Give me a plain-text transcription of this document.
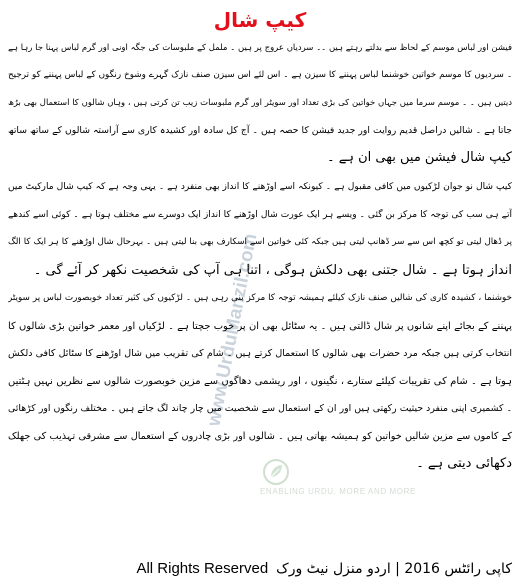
کیپ شال
www.UrduManzil.com
ENABLING URDU, MORE AND MORE
فیشن اور لباس موسم کے لحاظ سے بدلتے رہتے ہیں ۔۔ سردیاں عروج پر ہیں ۔ ململ کے ملبوسات کی جگہ اونی اور گرم لباس پہنا جا رہا ہے
۔ سردیوں کا موسم خواتین خوشنما لباس پہننے کا سیزن ہے ۔ اس لئے اس سیزن صنف نازک گہرے وشوخ رنگوں کے لباس پہننے کو ترجیح
دیتیں ہیں ۔ ۔ موسم سرما میں جہاں خواتین کی بڑی تعداد اور سویٹر اور گرم ملبوسات زیب تن کرتی ہیں ، وہاں شالوں کا استعمال بھی بڑھ
جاتا ہے ۔ شالیں دراصل قدیم روایت اور جدید فیشن کا حصہ ہیں ۔ آج کل سادہ اور کشیدہ کاری سے آراستہ شالوں کے ساتھ ساتھ
کیپ شال فیشن میں بھی ان ہے ۔
کیپ شال نو جوان لڑکیوں میں کافی مقبول ہے ۔ کیونکہ اسے اوڑھنے کا انداز بھی منفرد ہے ۔ یہی وجہ ہے کہ کیپ شال مارکیٹ میں
آتے ہی سب کی توجہ کا مرکز بن گئی ۔ ویسے ہر ایک عورت شال اوڑھنے کا انداز ایک دوسرے سے مختلف ہوتا ہے ۔ کوئی اسے کندھے
پر ڈھال لیتی تو کچھ اس سے سر ڈھانپ لیتی ہیں جبکہ کئی خواتین اسے اسکارف بھی بنا لیتی ہیں ۔ بہرحال شال اوڑھنے کا ہر ایک کا الگ
انداز ہوتا ہے ۔ شال جتنی بھی دلکش ہوگی ، اتنا ہی آپ کی شخصیت نکھر کر آئے گی ۔
خوشنما ، کشیدہ کاری کی شالیں صنف نازک کیلئے ہمیشہ توجہ کا مرکز بنی رہی ہیں ۔ لڑکیوں کی کثیر تعداد خوبصورت لباس پر سویٹر
پہننے کے بجائے اپنے شانوں پر شال ڈالتی ہیں ۔ یہ سٹائل بھی ان پر خوب جچتا ہے ۔ لڑکیاں اور معمر خواتین بڑی شالوں کا
انتخاب کرتی ہیں جبکہ مرد حضرات بھی شالوں کا استعمال کرتے ہیں ۔ شام کی تقریب میں شال اوڑھنے کا سٹائل کافی دلکش
ہوتا ہے ۔ شام کی تقریبات کیلئے ستارے ، نگینوں ، اور ریشمی دھاگوں سے مزین خوبصورت شالوں سے نظریں نہیں ہٹتیں
۔ کشمیری اپنی منفرد حیثیت رکھتی ہیں اور ان کے استعمال سے شخصیت میں چار چاند لگ جاتے ہیں ۔ مختلف رنگوں اور کڑھائی
کے کاموں سے مزین شالیں خواتین کو ہمیشہ بھاتی ہیں ۔ شالوں اور بڑی چادروں کے استعمال سے مشرقی تہذیب کی جھلک
دکھائی دیتی ہے ۔
All Rights Reserved کاپی رائٹس 2016 | اردو منزل نیٹ ورک
